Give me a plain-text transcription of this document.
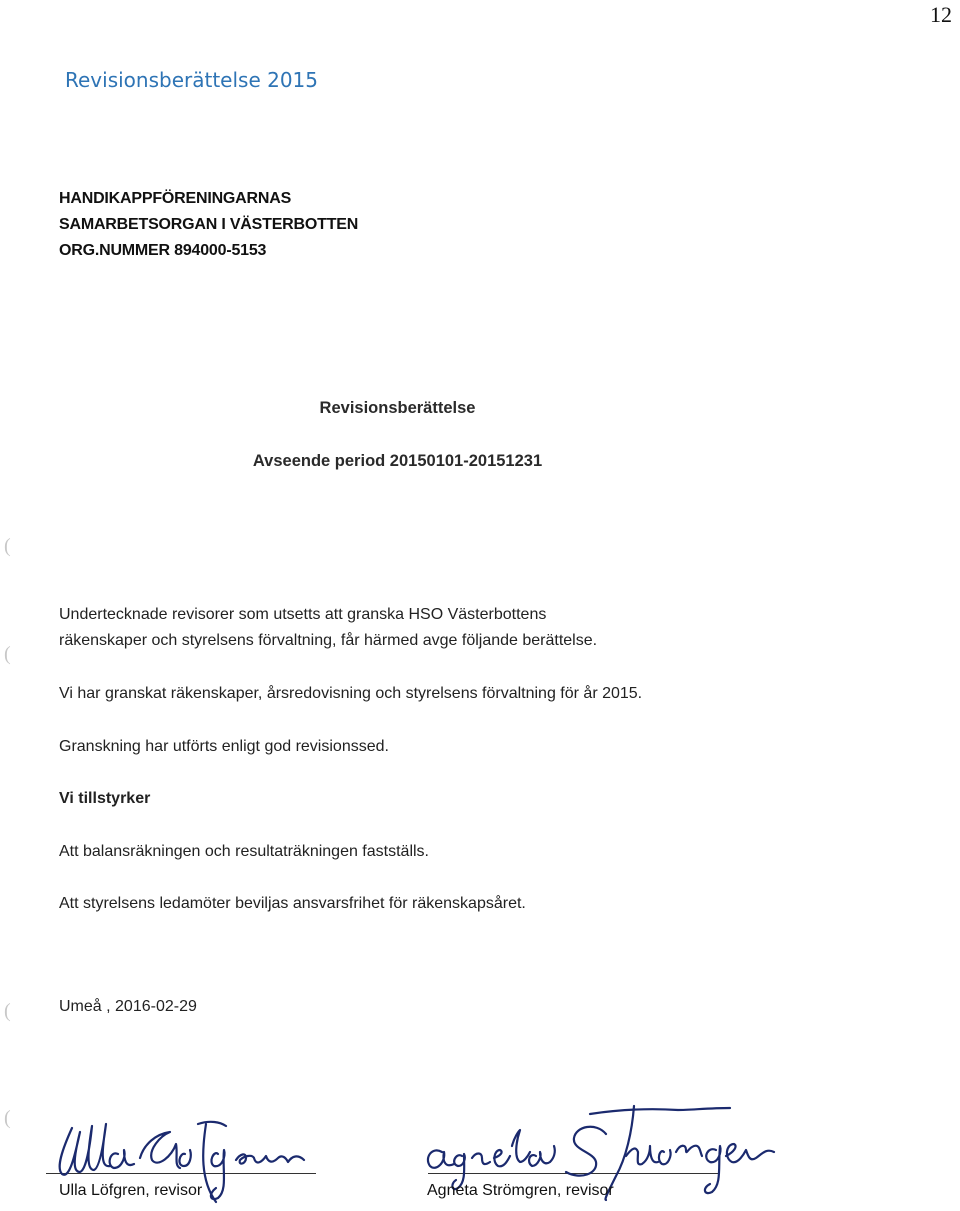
12
Revisionsberättelse 2015
HANDIKAPPFÖRENINGARNAS
SAMARBETSORGAN I VÄSTERBOTTEN
ORG.NUMMER 894000-5153
Revisionsberättelse
Avseende period 20150101-20151231
(
(
(
(
Undertecknade revisorer som utsetts att granska HSO Västerbottens
räkenskaper och styrelsens förvaltning, får härmed avge följande berättelse.
Vi har granskat räkenskaper, årsredovisning och styrelsens förvaltning för år 2015.
Granskning har utförts enligt god revisionssed.
Vi tillstyrker
Att balansräkningen och resultaträkningen fastställs.
Att styrelsens ledamöter beviljas ansvarsfrihet för räkenskapsåret.
Umeå , 2016-02-29
Ulla Löfgren, revisor	Agneta Strömgren, revisor
